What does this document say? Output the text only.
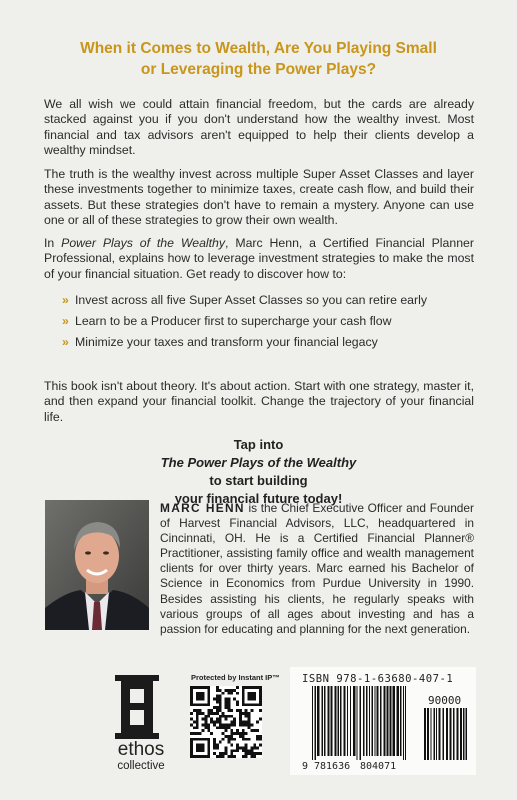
When it Comes to Wealth, Are You Playing Small
or Leveraging the Power Plays?

We all wish we could attain financial freedom, but the cards are already stacked against you if you don't understand how the wealthy invest. Most financial and tax advisors aren't equipped to help their clients develop a wealthy mindset.

The truth is the wealthy invest across multiple Super Asset Classes and layer these investments together to minimize taxes, create cash flow, and build their assets. But these strategies don't have to remain a mystery. Anyone can use one or all of these strategies to grow their own wealth.

In Power Plays of the Wealthy, Marc Henn, a Certified Financial Planner Professional, explains how to leverage investment strategies to make the most of your financial situation. Get ready to discover how to:

» Invest across all five Super Asset Classes so you can retire early
» Learn to be a Producer first to supercharge your cash flow
» Minimize your taxes and transform your financial legacy

This book isn't about theory. It's about action. Start with one strategy, master it, and then expand your financial toolkit. Change the trajectory of your financial life.

Tap into
The Power Plays of the Wealthy
to start building
your financial future today!

MARC HENN is the Chief Executive Officer and Founder of Harvest Financial Advisors, LLC, headquartered in Cincinnati, OH. He is a Certified Financial Planner® Practitioner, assisting family office and wealth management clients for over thirty years. Marc earned his Bachelor of Science in Economics from Purdue University in 1990. Besides assisting his clients, he regularly speaks with various groups of all ages about investing and has a passion for educating and planning for the next generation.

ethos
collective
Protected by Instant IP™ ISBN 978-1-63680-407-1
90000
9 781636 804071
